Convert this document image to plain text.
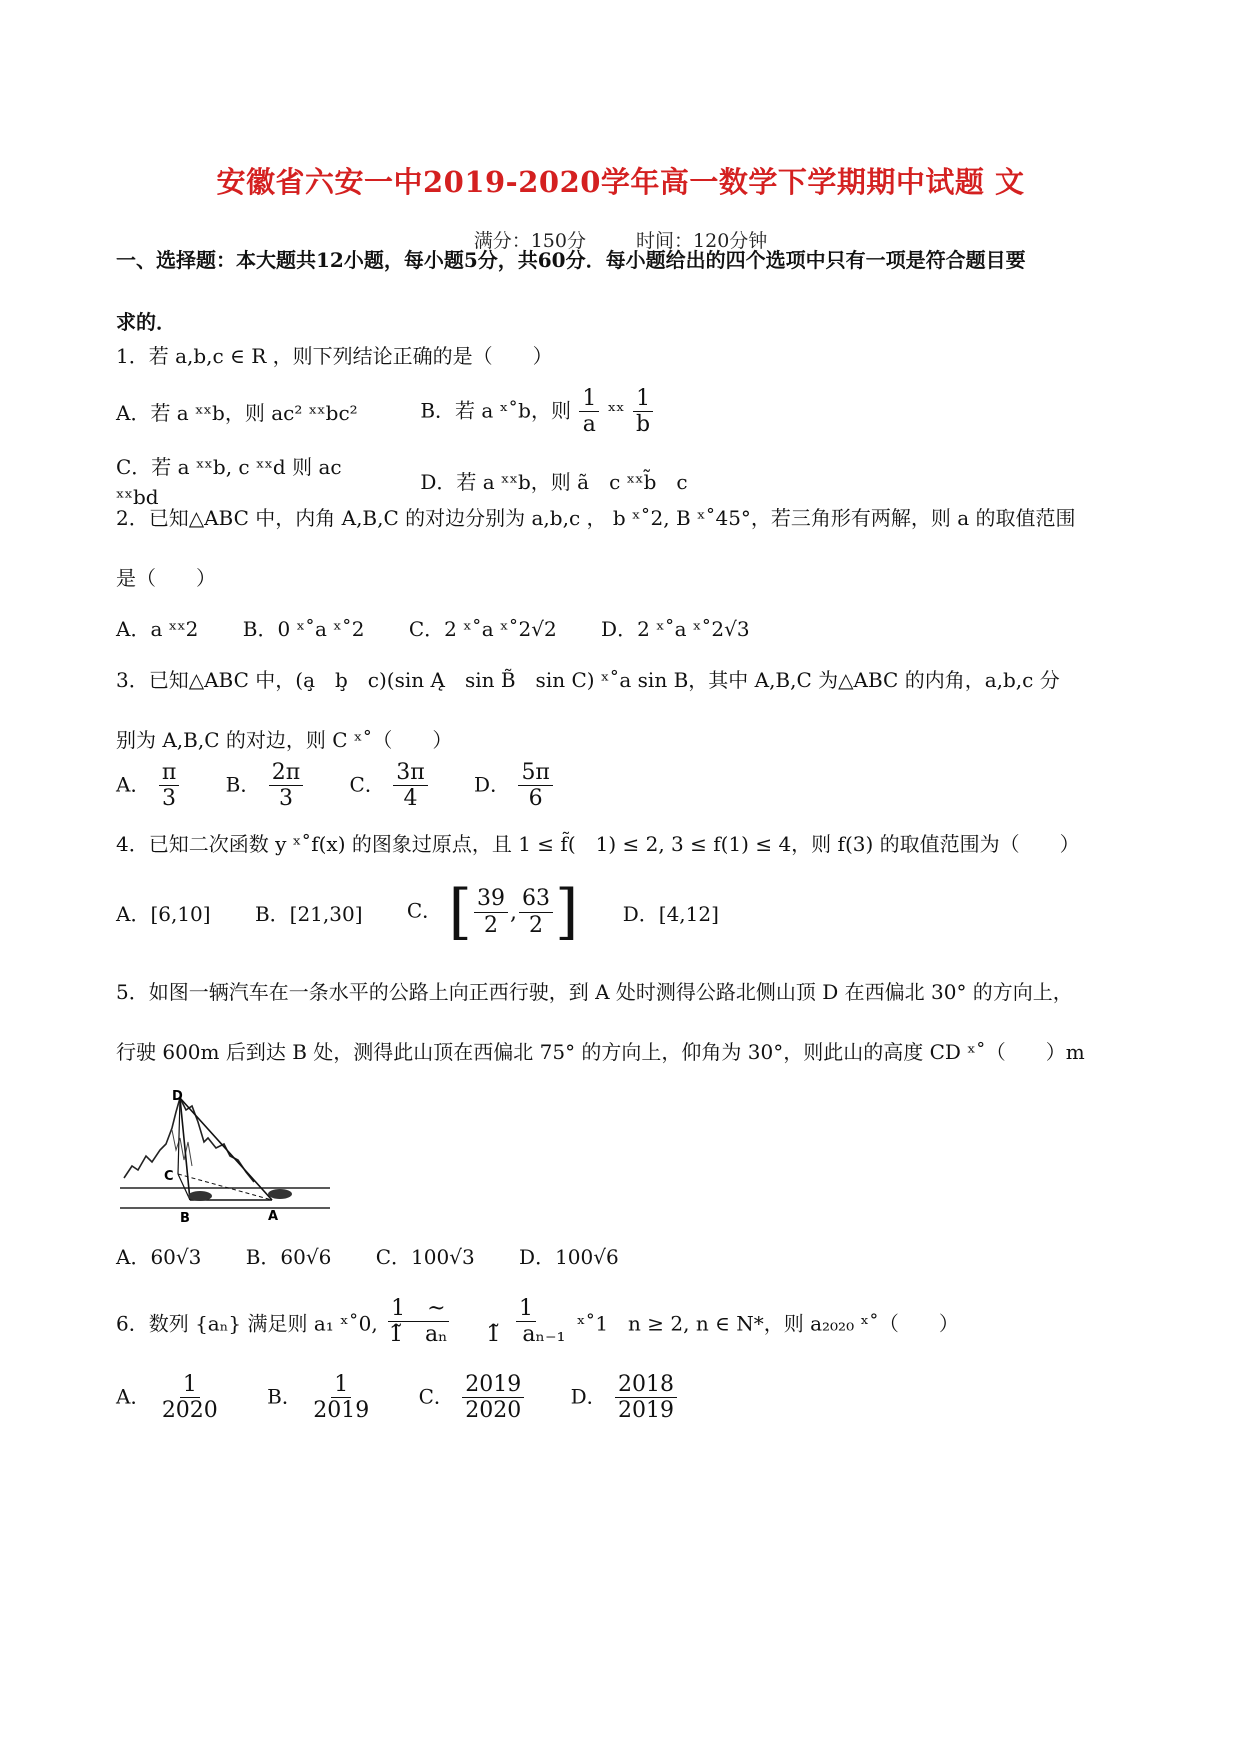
安徽省六安一中2019-2020学年高一数学下学期期中试题 文
满分：150分	时间：120分钟
一、选择题：本大题共12小题，每小题5分，共60分．每小题给出的四个选项中只有一项是符合题目要
求的．
1．若 a,b,c ∈ R ，则下列结论正确的是（　　）
A．若 a ˣˣb，则 ac² ˣˣbc²	B．若 a ˣ˚b，则 $\frac{1}{a}$ ˣˣ $\frac{1}{b}$
C．若 a ˣˣb, c ˣˣd 则 ac ˣˣbd D．若 a ˣˣb，则 ã　c ˣˣb̃　c
2．已知△ABC 中，内角 A,B,C 的对边分别为 a,b,c ， b ˣ˚2, B ˣ˚45°，若三角形有两解，则 a 的取值范围
是（　　）
A．a ˣˣ2 B．0 ˣ˚a ˣ˚2 C．2 ˣ˚a ˣ˚2√2 D．2 ˣ˚a ˣ˚2√3
3．已知△ABC 中，(a̧　b̧　c)(sin Ą　sin B̃　sin C) ˣ˚a sin B，其中 A,B,C 为△ABC 的内角，a,b,c 分
别为 A,B,C 的对边，则 C ˣ˚（　　）
A． $\frac{\pi}{3}$ B． $\frac{2\pi}{3}$ C． $\frac{3\pi}{4}$ D． $\frac{5\pi}{6}$
4．已知二次函数 y ˣ˚f(x) 的图象过原点，且 1 ≤ f̃(　1) ≤ 2, 3 ≤ f(1) ≤ 4，则 f(3) 的取值范围为（　　）
A．[6,10] B．[21,30] C． [ $\frac{39}{2}$ , $\frac{63}{2}$ ] D．[4,12]
5．如图一辆汽车在一条水平的公路上向正西行驶，到 A 处时测得公路北侧山顶 D 在西偏北 30° 的方向上，
行驶 600m 后到达 B 处，测得此山顶在西偏北 75° 的方向上，仰角为 30°，则此山的高度 CD ˣ˚（　　）m
D
C
B	A
A．60√3 B．60√6 C．100√3 D．100√6
6．数列 {aₙ} 满足则 a₁ ˣ˚0, $\frac{1 \sim}{\text{1̃　aₙ}}$
$\frac{1}{\text{1̃　aₙ₋₁}}$ ˣ˚1　n ≥ 2, n ∈ N*，则 a₂₀₂₀ ˣ˚（　　）
A． $\frac{1}{2020}$ B． $\frac{1}{2019}$ C． $\frac{2019}{2020}$ D． $\frac{2018}{2019}$
